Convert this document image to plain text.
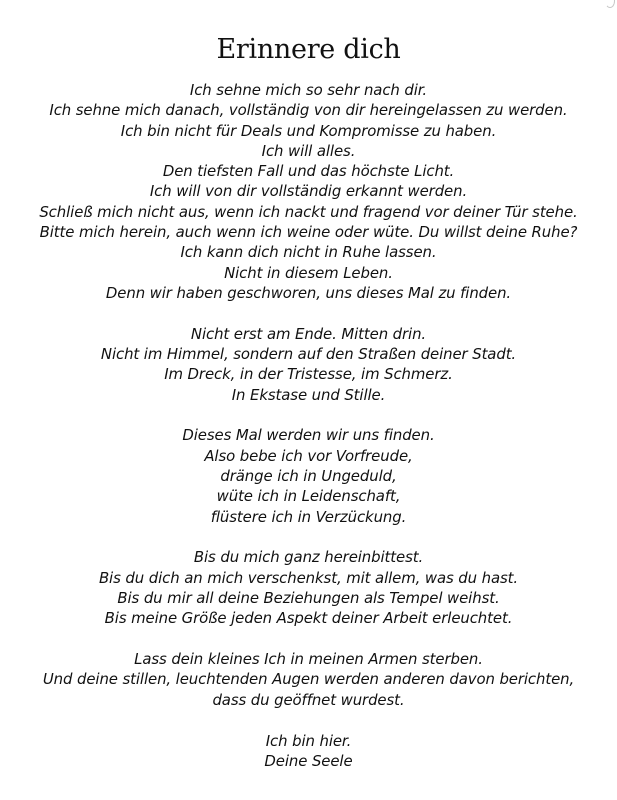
Erinnere dich
Ich sehne mich so sehr nach dir.
Ich sehne mich danach, vollständig von dir hereingelassen zu werden.
Ich bin nicht für Deals und Kompromisse zu haben.
Ich will alles.
Den tiefsten Fall und das höchste Licht.
Ich will von dir vollständig erkannt werden.
Schließ mich nicht aus, wenn ich nackt und fragend vor deiner Tür stehe.
Bitte mich herein, auch wenn ich weine oder wüte. Du willst deine Ruhe?
Ich kann dich nicht in Ruhe lassen.
Nicht in diesem Leben.
Denn wir haben geschworen, uns dieses Mal zu finden.
Nicht erst am Ende. Mitten drin.
Nicht im Himmel, sondern auf den Straßen deiner Stadt.
Im Dreck, in der Tristesse, im Schmerz.
In Ekstase und Stille.
Dieses Mal werden wir uns finden.
Also bebe ich vor Vorfreude,
dränge ich in Ungeduld,
wüte ich in Leidenschaft,
flüstere ich in Verzückung.
Bis du mich ganz hereinbittest.
Bis du dich an mich verschenkst, mit allem, was du hast.
Bis du mir all deine Beziehungen als Tempel weihst.
Bis meine Größe jeden Aspekt deiner Arbeit erleuchtet.
Lass dein kleines Ich in meinen Armen sterben.
Und deine stillen, leuchtenden Augen werden anderen davon berichten,
dass du geöffnet wurdest.
Ich bin hier.
Deine Seele
